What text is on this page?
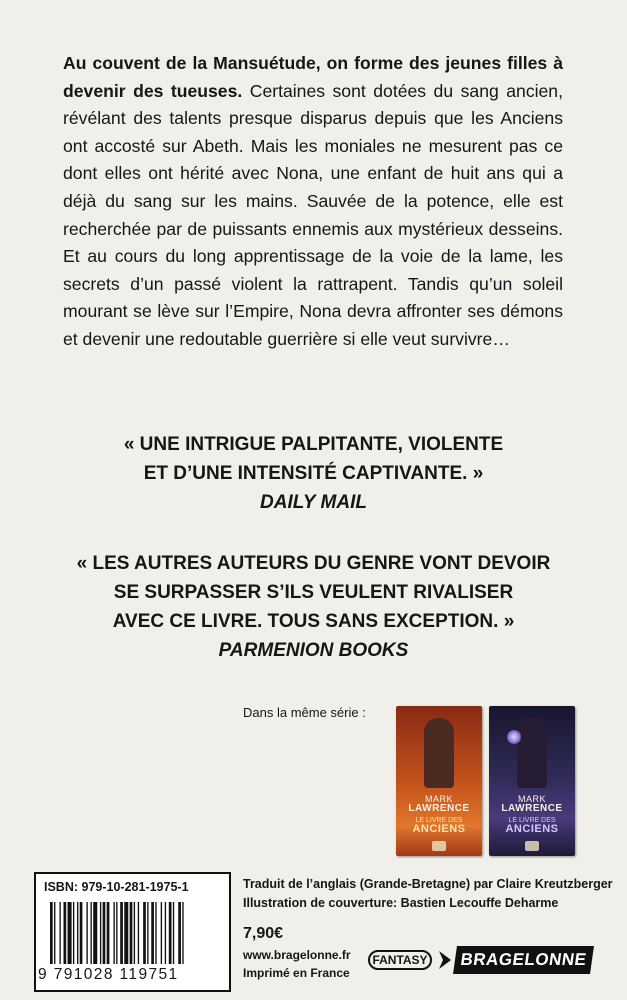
Au couvent de la Mansuétude, on forme des jeunes filles à devenir des tueuses. Certaines sont dotées du sang ancien, révélant des talents presque disparus depuis que les Anciens ont accosté sur Abeth. Mais les moniales ne mesurent pas ce dont elles ont hérité avec Nona, une enfant de huit ans qui a déjà du sang sur les mains. Sauvée de la potence, elle est recherchée par de puissants ennemis aux mystérieux desseins. Et au cours du long apprentissage de la voie de la lame, les secrets d’un passé violent la rattrapent. Tandis qu’un soleil mourant se lève sur l’Empire, Nona devra affronter ses démons et devenir une redoutable guerrière si elle veut survivre…

« UNE INTRIGUE PALPITANTE, VIOLENTE
ET D’UNE INTENSITÉ CAPTIVANTE. »
DAILY MAIL
« LES AUTRES AUTEURS DU GENRE VONT DEVOIR
SE SURPASSER S’ILS VEULENT RIVALISER
AVEC CE LIVRE. TOUS SANS EXCEPTION. »
PARMENION BOOKS
Dans la même série :
MARK
LAWRENCE
LE LIVRE DES
ANCIENS
MARK
LAWRENCE
LE LIVRE DES
ANCIENS
ISBN: 979-10-281-1975-1
9 791028 119751
Traduit de l’anglais (Grande-Bretagne) par Claire Kreutzberger
Illustration de couverture: Bastien Lecouffe Deharme
7,90€
www.bragelonne.fr
Imprimé en France
FANTASY	BRAGELONNE
